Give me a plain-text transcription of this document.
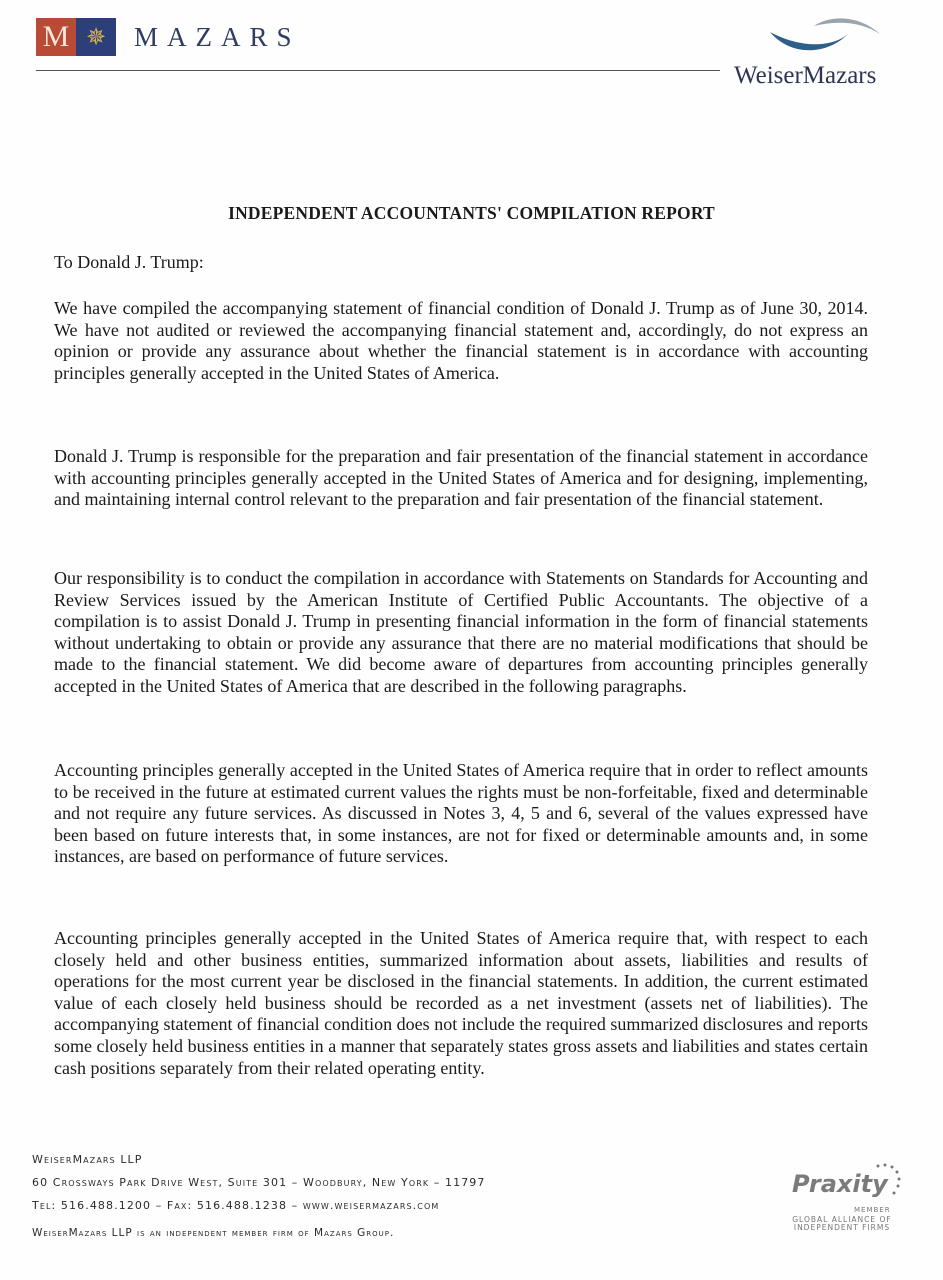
M ✵	MAZARS
WeiserMazars
INDEPENDENT ACCOUNTANTS' COMPILATION REPORT
To Donald J. Trump:

We have compiled the accompanying statement of financial condition of Donald J. Trump as of June 30, 2014. We have not audited or reviewed the accompanying financial statement and, accordingly, do not express an opinion or provide any assurance about whether the financial statement is in accordance with accounting principles generally accepted in the United States of America.

Donald J. Trump is responsible for the preparation and fair presentation of the financial statement in accordance with accounting principles generally accepted in the United States of America and for designing, implementing, and maintaining internal control relevant to the preparation and fair presentation of the financial statement.

Our responsibility is to conduct the compilation in accordance with Statements on Standards for Accounting and Review Services issued by the American Institute of Certified Public Accountants. The objective of a compilation is to assist Donald J. Trump in presenting financial information in the form of financial statements without undertaking to obtain or provide any assurance that there are no material modifications that should be made to the financial statement. We did become aware of departures from accounting principles generally accepted in the United States of America that are described in the following paragraphs.

Accounting principles generally accepted in the United States of America require that in order to reflect amounts to be received in the future at estimated current values the rights must be non-forfeitable, fixed and determinable and not require any future services. As discussed in Notes 3, 4, 5 and 6, several of the values expressed have been based on future interests that, in some instances, are not for fixed or determinable amounts and, in some instances, are based on performance of future services.

Accounting principles generally accepted in the United States of America require that, with respect to each closely held and other business entities, summarized information about assets, liabilities and results of operations for the most current year be disclosed in the financial statements. In addition, the current estimated value of each closely held business should be recorded as a net investment (assets net of liabilities). The accompanying statement of financial condition does not include the required summarized disclosures and reports some closely held business entities in a manner that separately states gross assets and liabilities and states certain cash positions separately from their related operating entity.

WeiserMazars LLP
60 Crossways Park Drive West, Suite 301 – Woodbury, New York – 11797
Tel: 516.488.1200 – Fax: 516.488.1238 – www.weisermazars.com
WeiserMazars LLP is an independent member firm of Mazars Group.
Praxity
MEMBER
GLOBAL ALLIANCE OF INDEPENDENT FIRMS
